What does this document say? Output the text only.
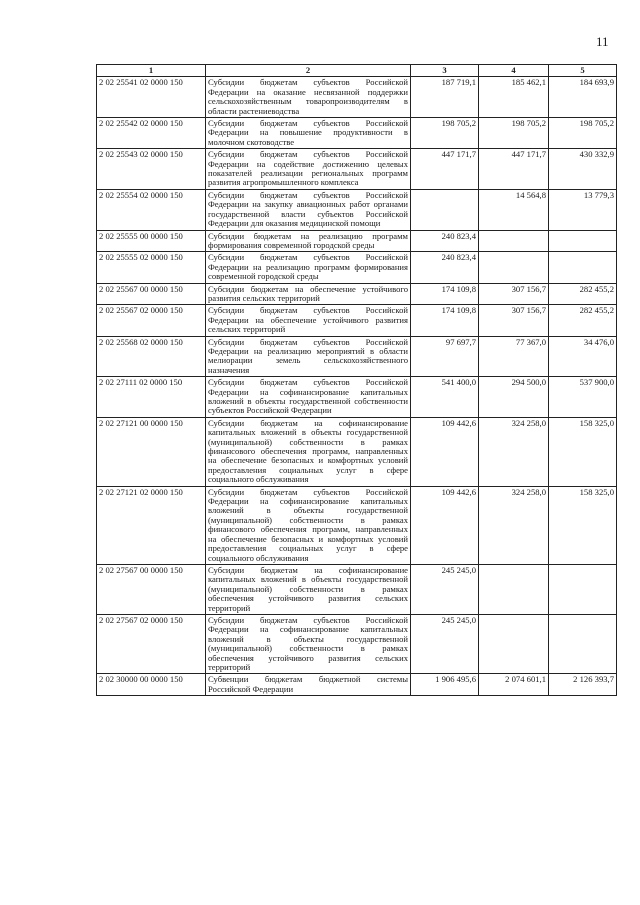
11
1	2	3	4	5
2 02 25541 02 0000 150	Субсидии бюджетам субъектов Российской Федерации на оказание несвязанной поддержки сельскохозяйственным товаропроизводителям в области растениеводства	187 719,1	185 462,1	184 693,9
2 02 25542 02 0000 150	Субсидии бюджетам субъектов Российской Федерации на повышение продуктивности в молочном скотоводстве	198 705,2	198 705,2	198 705,2
2 02 25543 02 0000 150	Субсидии бюджетам субъектов Российской Федерации на содействие достижению целевых показателей реализации региональных программ развития агропромышленного комплекса	447 171,7	447 171,7	430 332,9
2 02 25554 02 0000 150	Субсидии бюджетам субъектов Российской Федерации на закупку авиационных работ органами государственной власти субъектов Российской Федерации для оказания медицинской помощи		14 564,8	13 779,3
2 02 25555 00 0000 150	Субсидии бюджетам на реализацию программ формирования современной городской среды	240 823,4		
2 02 25555 02 0000 150	Субсидии бюджетам субъектов Российской Федерации на реализацию программ формирования современной городской среды	240 823,4		
2 02 25567 00 0000 150	Субсидии бюджетам на обеспечение устойчивого развития сельских территорий	174 109,8	307 156,7	282 455,2
2 02 25567 02 0000 150	Субсидии бюджетам субъектов Российской Федерации на обеспечение устойчивого развития сельских территорий	174 109,8	307 156,7	282 455,2
2 02 25568 02 0000 150	Субсидии бюджетам субъектов Российской Федерации на реализацию мероприятий в области мелиорации земель сельскохозяйственного назначения	97 697,7	77 367,0	34 476,0
2 02 27111 02 0000 150	Субсидии бюджетам субъектов Российской Федерации на софинансирование капитальных вложений в объекты государственной собственности субъектов Российской Федерации	541 400,0	294 500,0	537 900,0
2 02 27121 00 0000 150	Субсидии бюджетам на софинансирование капитальных вложений в объекты государственной (муниципальной) собственности в рамках финансового обеспечения программ, направленных на обеспечение безопасных и комфортных условий предоставления социальных услуг в сфере социального обслуживания	109 442,6	324 258,0	158 325,0
2 02 27121 02 0000 150	Субсидии бюджетам субъектов Российской Федерации на софинансирование капитальных вложений в объекты государственной (муниципальной) собственности в рамках финансового обеспечения программ, направленных на обеспечение безопасных и комфортных условий предоставления социальных услуг в сфере социального обслуживания	109 442,6	324 258,0	158 325,0
2 02 27567 00 0000 150	Субсидии бюджетам на софинансирование капитальных вложений в объекты государственной (муниципальной) собственности в рамках обеспечения устойчивого развития сельских территорий	245 245,0		
2 02 27567 02 0000 150	Субсидии бюджетам субъектов Российской Федерации на софинансирование капитальных вложений в объекты государственной (муниципальной) собственности в рамках обеспечения устойчивого развития сельских территорий	245 245,0		
2 02 30000 00 0000 150	Субвенции бюджетам бюджетной системы Российской Федерации	1 906 495,6	2 074 601,1	2 126 393,7
